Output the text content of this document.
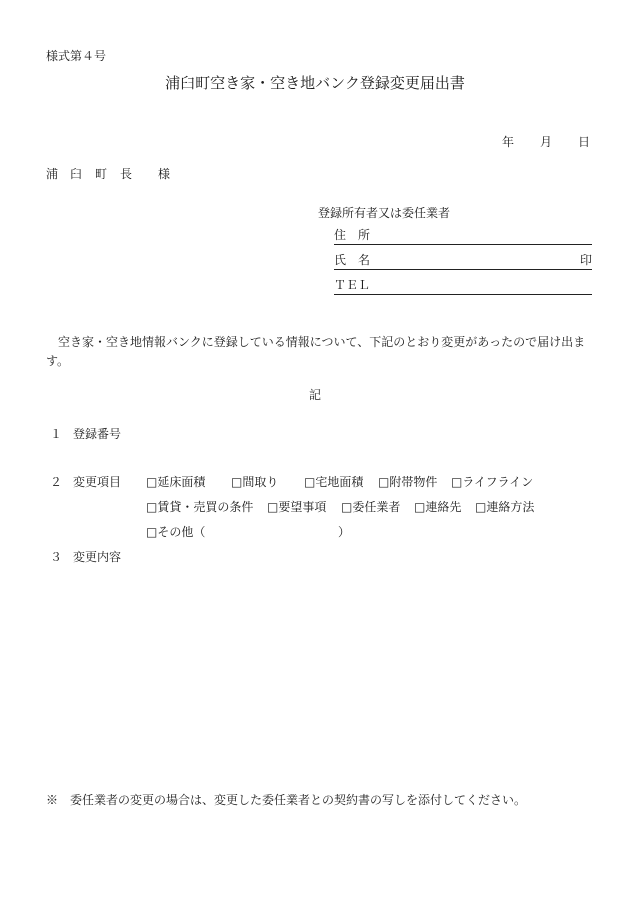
様式第４号
浦臼町空き家・空き地バンク登録変更届出書
年 月 日
浦 臼 町 長 様
登録所有者又は委任業者
住　所
氏　名	印
ＴＥＬ
空き家・空き地情報バンクに登録している情報について、下記のとおり変更があったので届け出ます。
記
１ 登録番号
２ 変更項目 □延床面積 □間取り □宅地面積 □附帯物件 □ライフライン
□賃貸・売買の条件 □要望事項 □委任業者 □連絡先 □連絡方法
□その他（	）
３ 変更内容
※　委任業者の変更の場合は、変更した委任業者との契約書の写しを添付してください。
